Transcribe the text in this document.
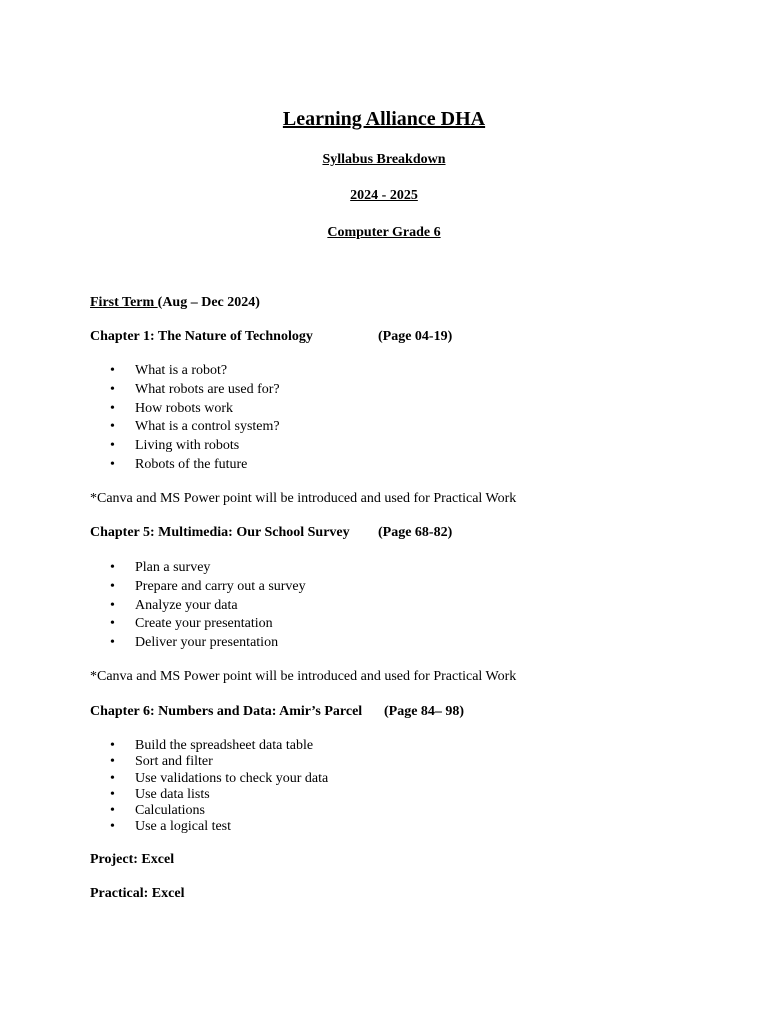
Learning Alliance DHA
Syllabus Breakdown
2024 - 2025
Computer Grade 6
First Term (Aug – Dec 2024)
Chapter 1: The Nature of Technology	(Page 04-19)
• What is a robot?
• What robots are used for?
• How robots work
• What is a control system?
• Living with robots
• Robots of the future
*Canva and MS Power point will be introduced and used for Practical Work
Chapter 5: Multimedia: Our School Survey (Page 68-82)
• Plan a survey
• Prepare and carry out a survey
• Analyze your data
• Create your presentation
• Deliver your presentation
*Canva and MS Power point will be introduced and used for Practical Work
Chapter 6: Numbers and Data: Amir’s Parcel (Page 84– 98)
• Build the spreadsheet data table
• Sort and filter
• Use validations to check your data
• Use data lists
• Calculations
• Use a logical test
Project: Excel
Practical: Excel
